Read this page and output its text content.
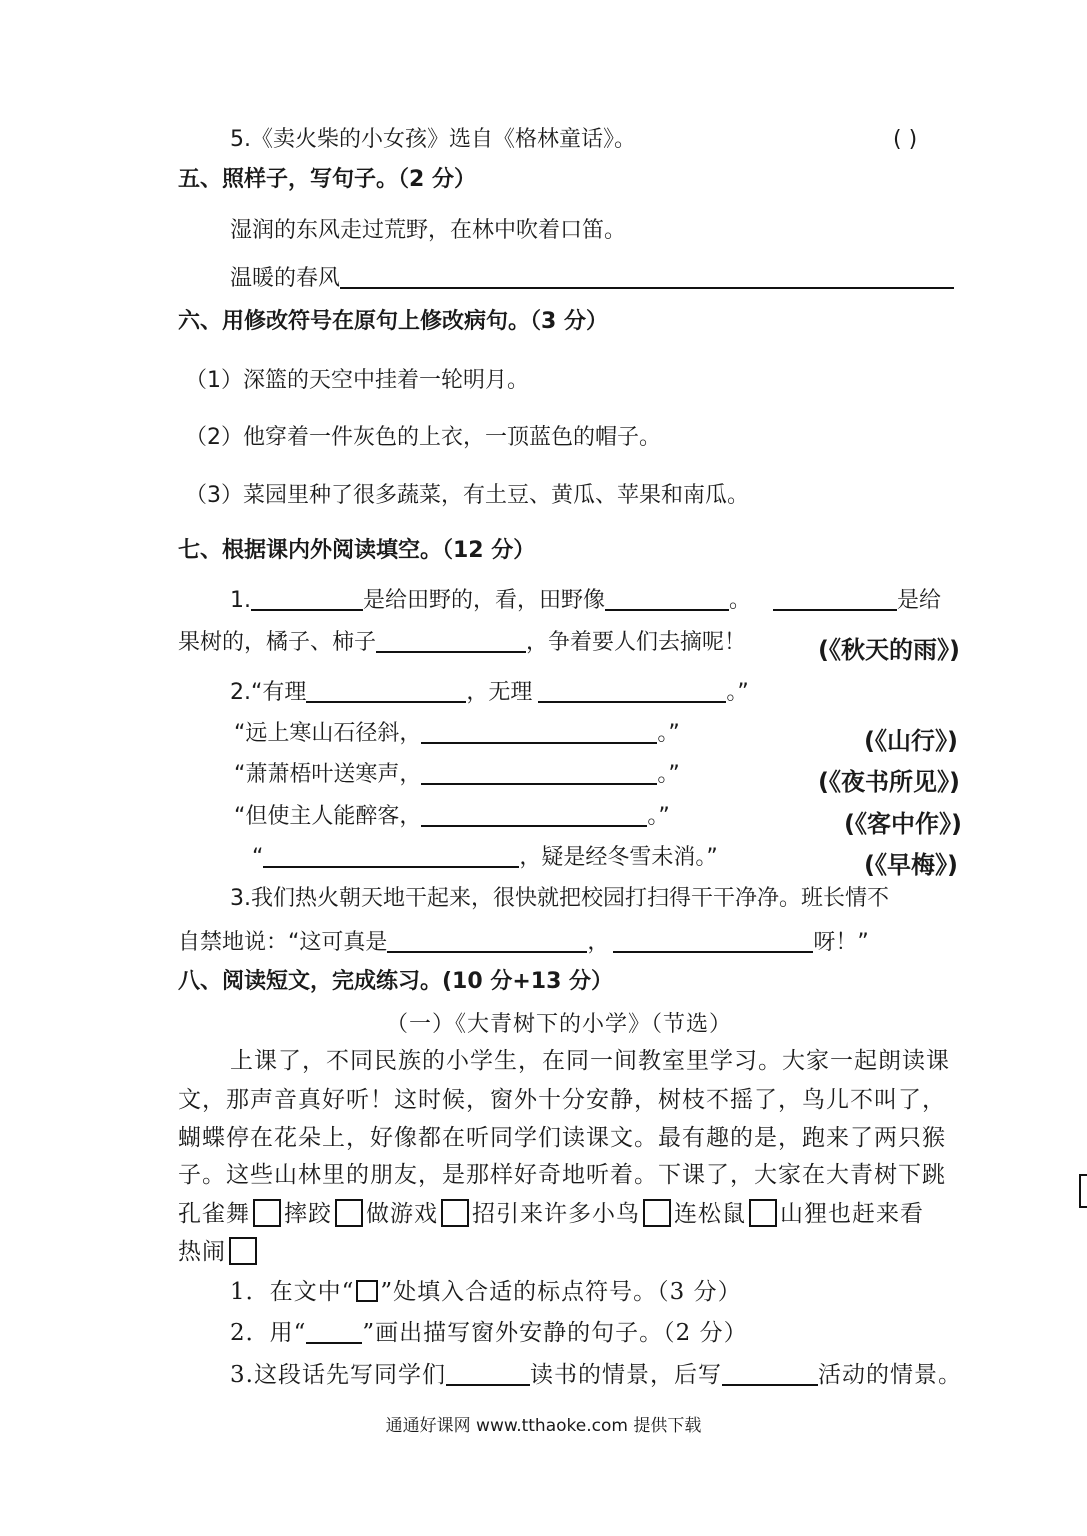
5.《卖火柴的小女孩》选自《格林童话》。	( )
五、照样子，写句子。（2 分）
湿润的东风走过荒野，在林中吹着口笛。
温暖的春风
六、用修改符号在原句上修改病句。（3 分）
（1）深篮的天空中挂着一轮明月。
（2）他穿着一件灰色的上衣，一顶蓝色的帽子。
（3）菜园里种了很多蔬菜，有土豆、黄瓜、苹果和南瓜。
七、根据课内外阅读填空。（12 分）
1.	是给田野的，看，田野像	。	是给
果树的，橘子、柿子	，争着要人们去摘呢！	(《秋天的雨》)
2.“有理	，无理	。”
“远上寒山石径斜，	。”	(《山行》)
“萧萧梧叶送寒声，	。”	(《夜书所见》)
“但使主人能醉客，	。”	(《客中作》)
“	，疑是经冬雪未消。”	(《早梅》)
3.我们热火朝天地干起来，很快就把校园打扫得干干净净。班长情不
自禁地说：“这可真是	，	呀！”
八、阅读短文，完成练习。(10 分+13 分）
（一）《大青树下的小学》（节选）
上课了，不同民族的小学生，在同一间教室里学习。大家一起朗读课
文，那声音真好听！这时候，窗外十分安静，树枝不摇了，鸟儿不叫了，
蝴蝶停在花朵上，好像都在听同学们读课文。最有趣的是，跑来了两只猴
子。这些山林里的朋友，是那样好奇地听着。下课了，大家在大青树下跳
孔雀舞 摔跤 做游戏 招引来许多小鸟 连松鼠 山狸也赶来看
热闹
1．在文中“ ”处填入合适的标点符号。（3 分）
2．用“ ”画出描写窗外安静的句子。（2 分）
3.这段话先写同学们	读书的情景，后写	活动的情景。
通通好课网 www.tthaoke.com 提供下载
